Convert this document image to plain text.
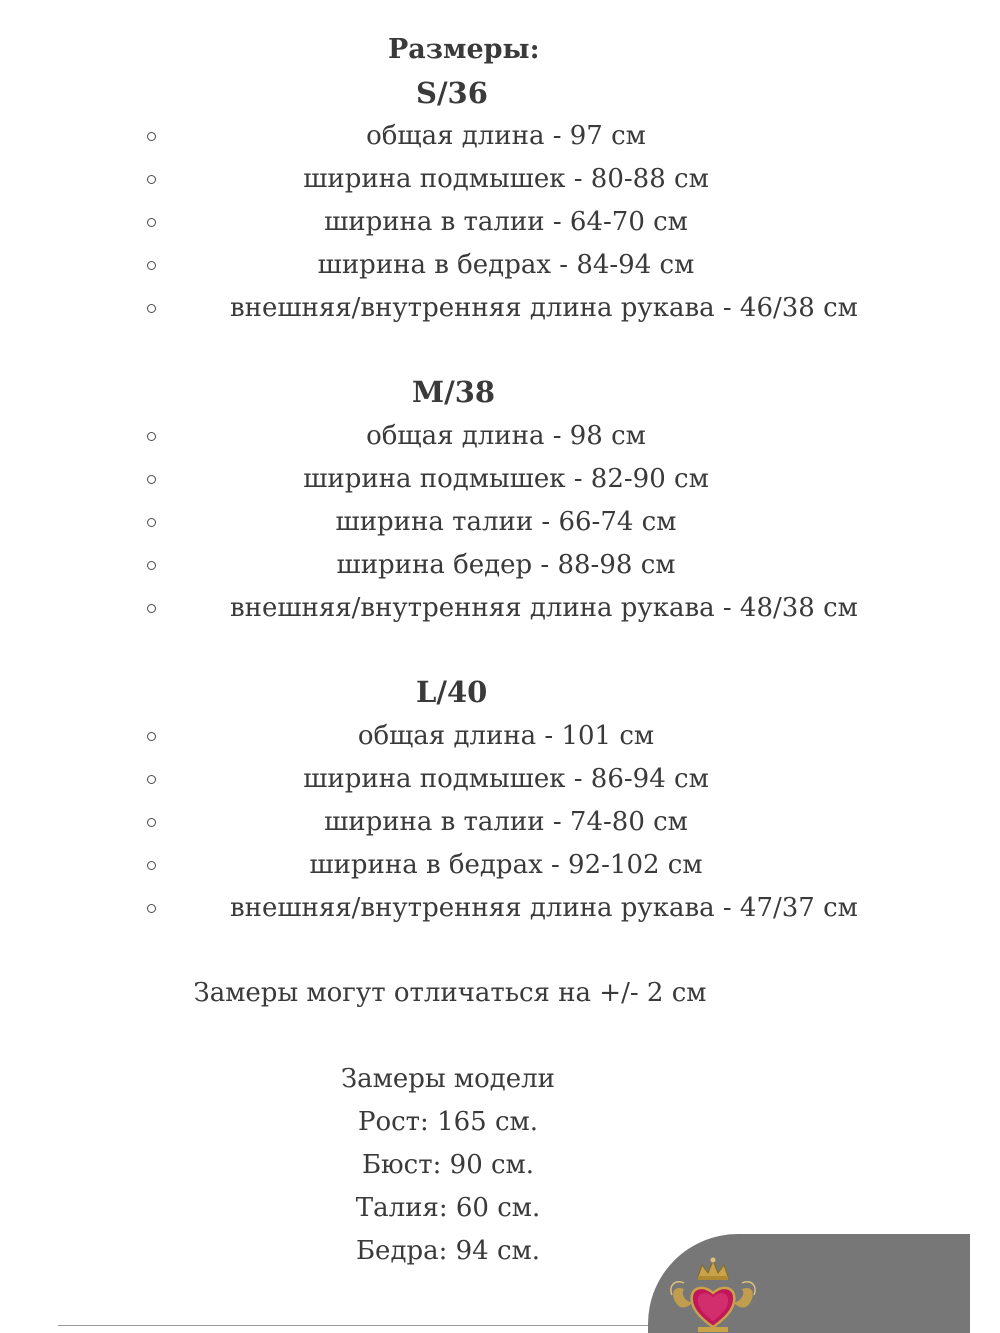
Размеры:
S/36
общая длина - 97 см
ширина подмышек - 80-88 см
ширина в талии - 64-70 см
ширина в бедрах - 84-94 см
внешняя/внутренняя длина рукава - 46/38 см
M/38
общая длина - 98 см
ширина подмышек - 82-90 см
ширина талии - 66-74 см
ширина бедер - 88-98 см
внешняя/внутренняя длина рукава - 48/38 см
L/40
общая длина - 101 см
ширина подмышек - 86-94 см
ширина в талии - 74-80 см
ширина в бедрах - 92-102 см
внешняя/внутренняя длина рукава - 47/37 см
Замеры могут отличаться на +/- 2 см
Замеры модели
Рост: 165 см.
Бюст: 90 см.
Талия: 60 см.
Бедра: 94 см.
